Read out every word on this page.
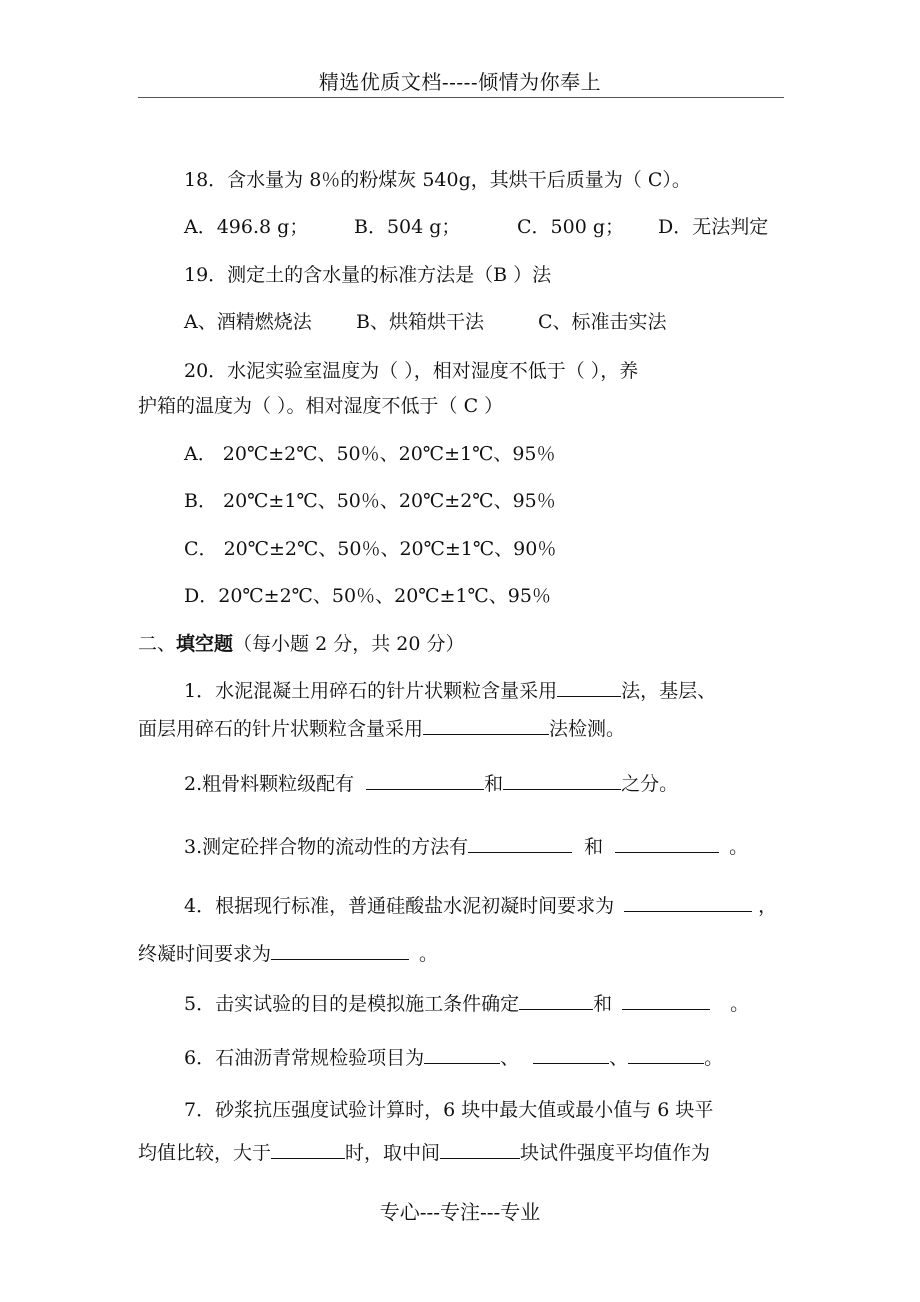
精选优质文档-----倾情为你奉上
18．含水量为 8％的粉煤灰 540g，其烘干后质量为（ C）。
A．496.8 g； B．504 g；	C．500 g； D．无法判定
19．测定土的含水量的标准方法是（B ）法
A、酒精燃烧法 B、烘箱烘干法	C、标准击实法
20．水泥实验室温度为（ ），相对湿度不低于（ ），养
护箱的温度为（ ）。相对湿度不低于（ C ）
A． 20℃±2℃、50％、20℃±1℃、95％
B． 20℃±1℃、50％、20℃±2℃、95％
C． 20℃±2℃、50％、20℃±1℃、90％
D．20℃±2℃、50％、20℃±1℃、95％
二、填空题（每小题 2 分，共 20 分）
1．水泥混凝土用碎石的针片状颗粒含量采用	法，基层、
面层用碎石的针片状颗粒含量采用	法检测。
2.粗骨料颗粒级配有	和	之分。
3.测定砼拌合物的流动性的方法有	和	。
4．根据现行标准，普通硅酸盐水泥初凝时间要求为	，
终凝时间要求为	。
5．击实试验的目的是模拟施工条件确定	和	。
6．石油沥青常规检验项目为	、	、	。
7．砂浆抗压强度试验计算时，6 块中最大值或最小值与 6 块平
均值比较，大于	时，取中间	块试件强度平均值作为
专心---专注---专业
